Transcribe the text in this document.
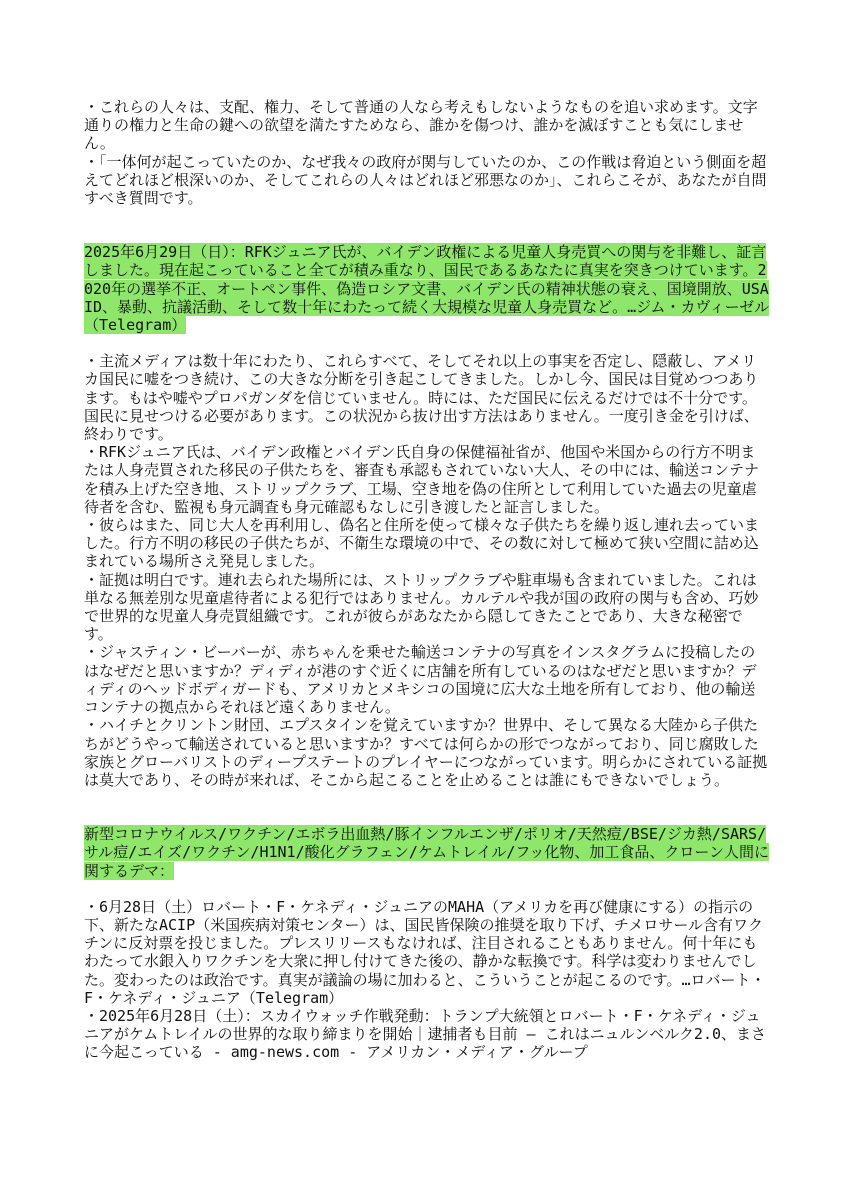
・これらの人々は、支配、権力、そして普通の人なら考えもしないようなものを追い求めます。文字通りの権力と生命の鍵への欲望を満たすためなら、誰かを傷つけ、誰かを滅ぼすことも気にしません。

・「一体何が起こっていたのか、なぜ我々の政府が関与していたのか、この作戦は脅迫という側面を超えてどれほど根深いのか、そしてこれらの人々はどれほど邪悪なのか」、これらこそが、あなたが自問すべき質問です。

2025年6月29日（日）：RFKジュニア氏が、バイデン政権による児童人身売買への関与を非難し、証言しました。現在起こっていること全てが積み重なり、国民であるあなたに真実を突きつけています。2020年の選挙不正、オートペン事件、偽造ロシア文書、バイデン氏の精神状態の衰え、国境開放、USAID、暴動、抗議活動、そして数十年にわたって続く大規模な児童人身売買など。…ジム・カヴィーゼル（Telegram）

・主流メディアは数十年にわたり、これらすべて、そしてそれ以上の事実を否定し、隠蔽し、アメリカ国民に嘘をつき続け、この大きな分断を引き起こしてきました。しかし今、国民は目覚めつつあります。もはや嘘やプロパガンダを信じていません。時には、ただ国民に伝えるだけでは不十分です。国民に見せつける必要があります。この状況から抜け出す方法はありません。一度引き金を引けば、終わりです。

・RFKジュニア氏は、バイデン政権とバイデン氏自身の保健福祉省が、他国や米国からの行方不明または人身売買された移民の子供たちを、審査も承認もされていない大人、その中には、輸送コンテナを積み上げた空き地、ストリップクラブ、工場、空き地を偽の住所として利用していた過去の児童虐待者を含む、監視も身元調査も身元確認もなしに引き渡したと証言しました。

・彼らはまた、同じ大人を再利用し、偽名と住所を使って様々な子供たちを繰り返し連れ去っていました。行方不明の移民の子供たちが、不衛生な環境の中で、その数に対して極めて狭い空間に詰め込まれている場所さえ発見しました。

・証拠は明白です。連れ去られた場所には、ストリップクラブや駐車場も含まれていました。これは単なる無差別な児童虐待者による犯行ではありません。カルテルや我が国の政府の関与も含め、巧妙で世界的な児童人身売買組織です。これが彼らがあなたから隠してきたことであり、大きな秘密です。

・ジャスティン・ビーバーが、赤ちゃんを乗せた輸送コンテナの写真をインスタグラムに投稿したのはなぜだと思いますか？ディディが港のすぐ近くに店舗を所有しているのはなぜだと思いますか？ディディのヘッドボディガードも、アメリカとメキシコの国境に広大な土地を所有しており、他の輸送コンテナの拠点からそれほど遠くありません。

・ハイチとクリントン財団、エプスタインを覚えていますか？世界中、そして異なる大陸から子供たちがどうやって輸送されていると思いますか？すべては何らかの形でつながっており、同じ腐敗した家族とグローバリストのディープステートのプレイヤーにつながっています。明らかにされている証拠は莫大であり、その時が来れば、そこから起こることを止めることは誰にもできないでしょう。

新型コロナウイルス/ワクチン/エボラ出血熱/豚インフルエンザ/ポリオ/天然痘/BSE/ジカ熱/SARS/サル痘/エイズ/ワクチン/H1N1/酸化グラフェン/ケムトレイル/フッ化物、加工食品、クローン人間に関するデマ：

・6月28日（土）ロバート・F・ケネディ・ジュニアのMAHA（アメリカを再び健康にする）の指示の下、新たなACIP（米国疾病対策センター）は、国民皆保険の推奨を取り下げ、チメロサール含有ワクチンに反対票を投じました。プレスリリースもなければ、注目されることもありません。何十年にもわたって水銀入りワクチンを大衆に押し付けてきた後の、静かな転換です。科学は変わりませんでした。変わったのは政治です。真実が議論の場に加わると、こういうことが起こるのです。…ロバート・F・ケネディ・ジュニア（Telegram）

・2025年6月28日（土）：スカイウォッチ作戦発動：トランプ大統領とロバート・F・ケネディ・ジュニアがケムトレイルの世界的な取り締まりを開始｜逮捕者も目前 — これはニュルンベルク2.0、まさに今起こっている - amg-news.com - アメリカン・メディア・グループ
